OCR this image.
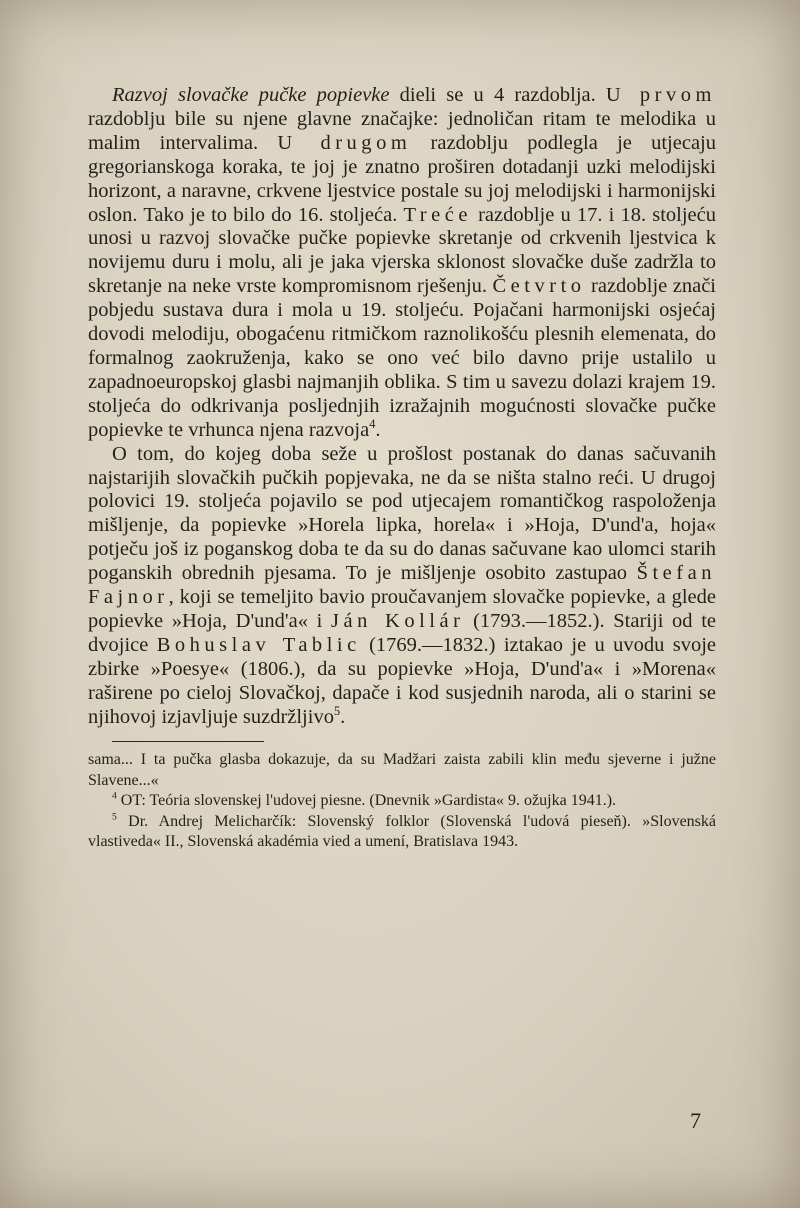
Razvoj slovačke pučke popievke dieli se u 4 razdoblja. U prvom razdoblju bile su njene glavne značajke: jednoličan ritam te melodika u malim intervalima. U drugom razdoblju podlegla je utjecaju gregorianskoga koraka, te joj je znatno proširen dotadanji uzki melodijski horizont, a naravne, crkvene ljestvice postale su joj melodijski i harmonijski oslon. Tako je to bilo do 16. stoljeća. Treće razdoblje u 17. i 18. stoljeću unosi u razvoj slovačke pučke popievke skretanje od crkvenih ljestvica k novijemu duru i molu, ali je jaka vjerska sklonost slovačke duše zadržla to skretanje na neke vrste kompromisnom rješenju. Četvrto razdoblje znači pobjedu sustava dura i mola u 19. stoljeću. Pojačani harmonijski osjećaj dovodi melodiju, obogaćenu ritmičkom raznolikošću plesnih elemenata, do formalnog zaokruženja, kako se ono već bilo davno prije ustalilo u zapadnoeuropskoj glasbi najmanjih oblika. S tim u savezu dolazi krajem 19. stoljeća do odkrivanja posljednjih izražajnih mogućnosti slovačke pučke popievke te vrhunca njena razvoja$^4$.

O tom, do kojeg doba seže u prošlost postanak do danas sačuvanih najstarijih slovačkih pučkih popjevaka, ne da se ništa stalno reći. U drugoj polovici 19. stoljeća pojavilo se pod utjecajem romantičkog raspoloženja mišljenje, da popievke »Horela lipka, horela« i »Hoja, D'und'a, hoja« potječu još iz poganskog doba te da su do danas sačuvane kao ulomci starih poganskih obrednih pjesama. To je mišljenje osobito zastupao Štefan Fajnor, koji se temeljito bavio proučavanjem slovačke popievke, a glede popievke »Hoja, D'und'a« i Ján Kollár (1793.—1852.). Stariji od te dvojice Bohuslav Tablic (1769.—1832.) iztakao je u uvodu svoje zbirke »Poesye« (1806.), da su popievke »Hoja, D'und'a« i »Morena« raširene po cieloj Slovačkoj, dapače i kod susjednih naroda, ali o starini se njihovoj izjavljuje suzdržljivo$^5$.

sama... I ta pučka glasba dokazuje, da su Madžari zaista zabili klin među sjeverne i južne Slavene...«

$^4$ OT: Teória slovenskej l'udovej piesne. (Dnevnik »Gardista« 9. ožujka 1941.).

$^5$ Dr. Andrej Melicharčík: Slovenský folklor (Slovenská l'udová pieseň). »Slovenská vlastiveda« II., Slovenská akadémia vied a umení, Bratislava 1943.

7
